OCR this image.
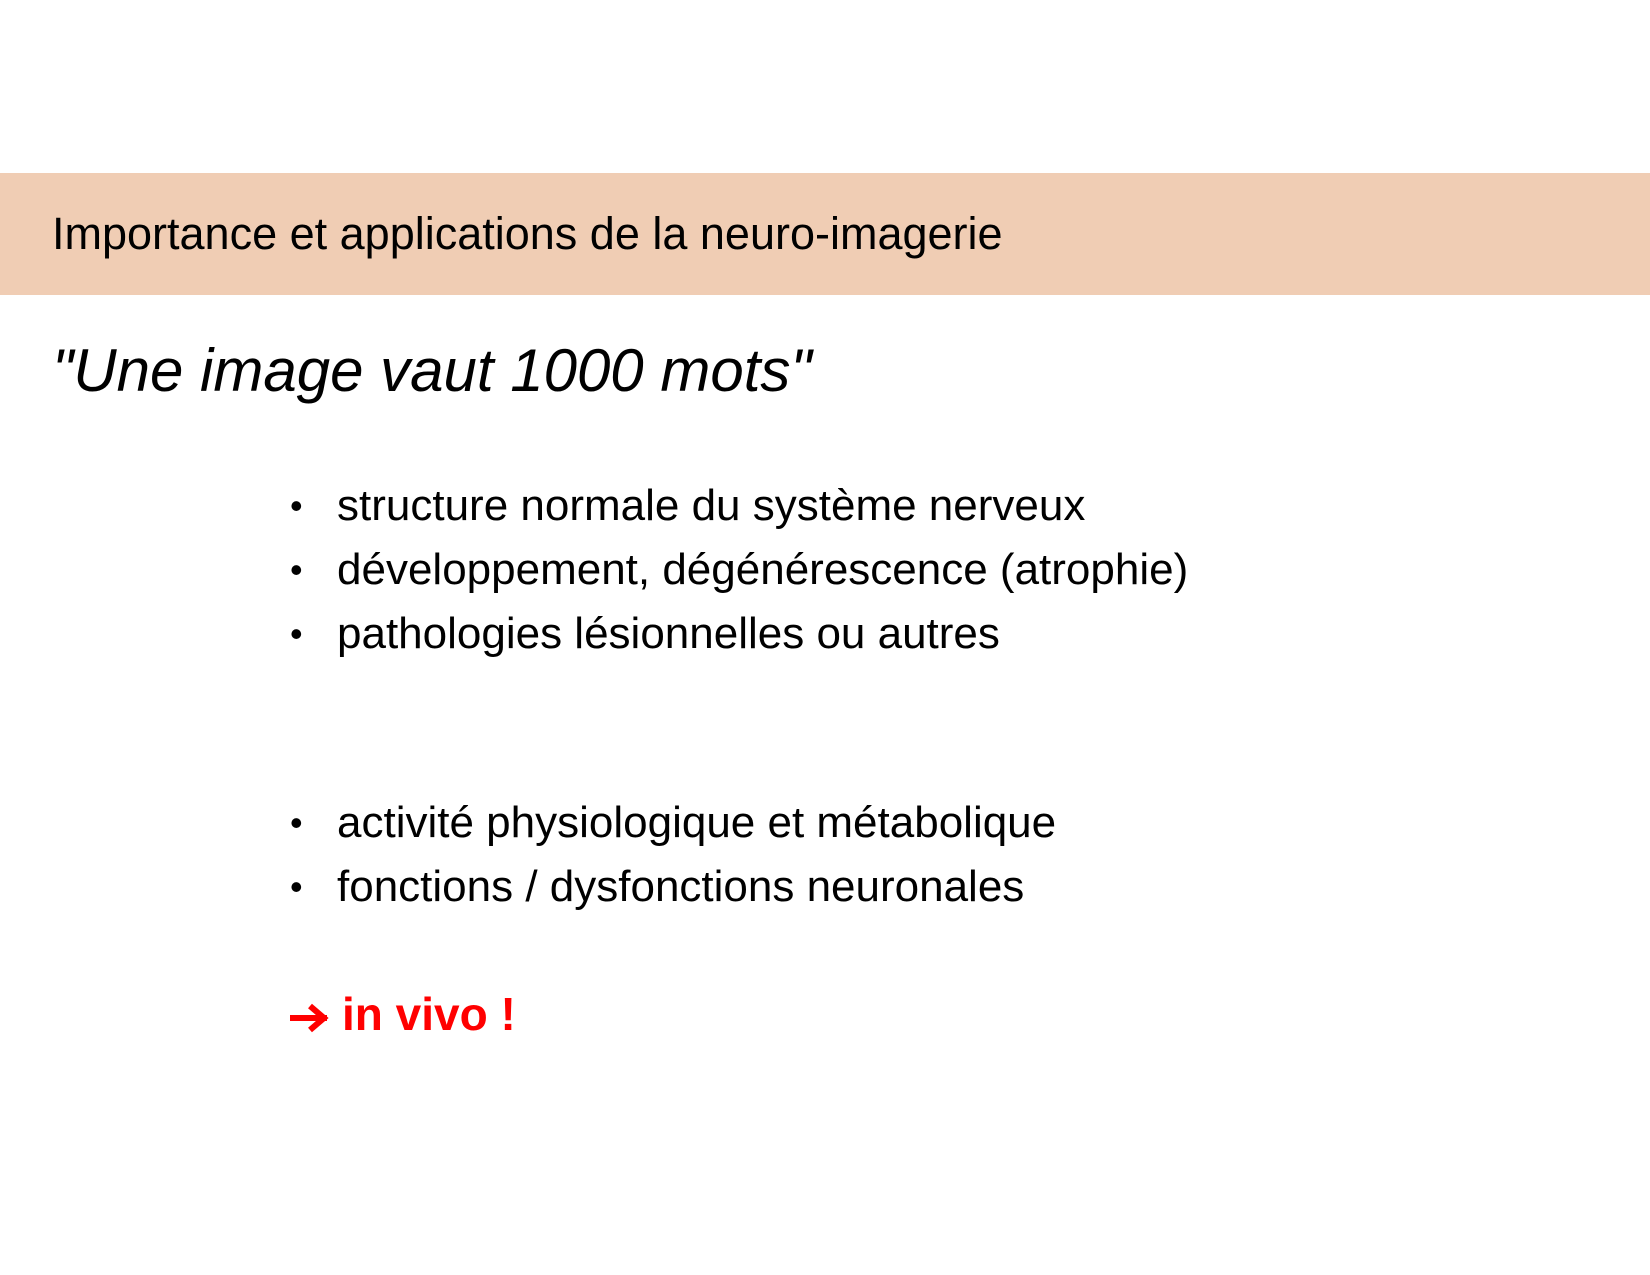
Importance et applications de la neuro-imagerie
"Une image vaut 1000 mots"
• structure normale du système nerveux
• développement, dégénérescence (atrophie)
• pathologies lésionnelles ou autres
• activité physiologique et métabolique
• fonctions / dysfonctions neuronales
in vivo !
